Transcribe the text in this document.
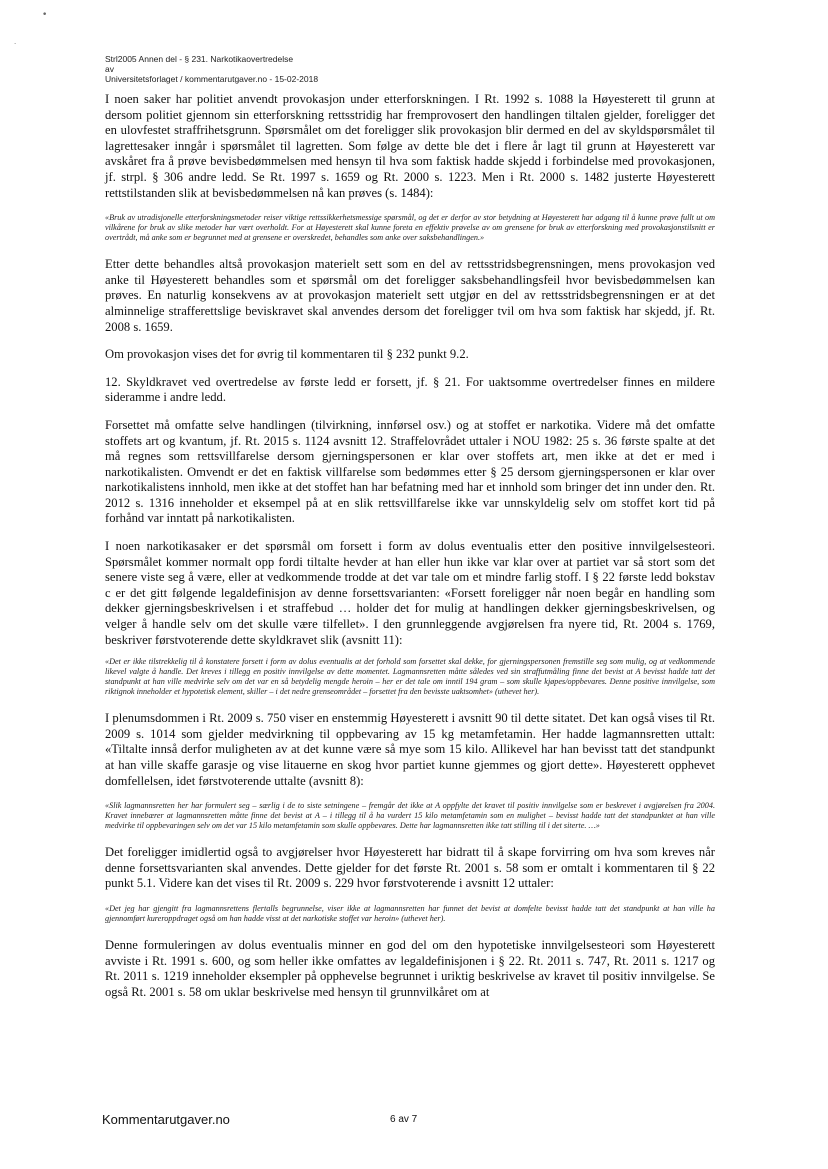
•
·
Strl2005 Annen del - § 231. Narkotikaovertredelse
av
Universitetsforlaget / kommentarutgaver.no - 15-02-2018

I noen saker har politiet anvendt provokasjon under etterforskningen. I Rt. 1992 s. 1088 la Høyesterett til grunn at dersom politiet gjennom sin etterforskning rettsstridig har fremprovosert den handlingen tiltalen gjelder, foreligger det en ulovfestet straffrihetsgrunn. Spørsmålet om det foreligger slik provokasjon blir dermed en del av skyldspørsmålet til lagrettesaker inngår i spørsmålet til lagretten. Som følge av dette ble det i flere år lagt til grunn at Høyesterett var avskåret fra å prøve bevisbedømmelsen med hensyn til hva som faktisk hadde skjedd i forbindelse med provokasjonen, jf. strpl. § 306 andre ledd. Se Rt. 1997 s. 1659 og Rt. 2000 s. 1223. Men i Rt. 2000 s. 1482 justerte Høyesterett rettstilstanden slik at bevisbedømmelsen nå kan prøves (s. 1484):

«Bruk av utradisjonelle etterforskningsmetoder reiser viktige rettssikkerhetsmessige spørsmål, og det er derfor av stor betydning at Høyesterett har adgang til å kunne prøve fullt ut om vilkårene for bruk av slike metoder har vært overholdt. For at Høyesterett skal kunne foreta en effektiv prøvelse av om grensene for bruk av etterforskning med provokasjonstilsnitt er overtrådt, må anke som er begrunnet med at grensene er overskredet, behandles som anke over saksbehandlingen.»

Etter dette behandles altså provokasjon materielt sett som en del av rettsstridsbegrensningen, mens provokasjon ved anke til Høyesterett behandles som et spørsmål om det foreligger saksbehandlingsfeil hvor bevisbedømmelsen kan prøves. En naturlig konsekvens av at provokasjon materielt sett utgjør en del av rettsstridsbegrensningen er at det alminnelige strafferettslige beviskravet skal anvendes dersom det foreligger tvil om hva som faktisk har skjedd, jf. Rt. 2008 s. 1659.

Om provokasjon vises det for øvrig til kommentaren til § 232 punkt 9.2.

12. Skyldkravet ved overtredelse av første ledd er forsett, jf. § 21. For uaktsomme overtredelser finnes en mildere sideramme i andre ledd.

Forsettet må omfatte selve handlingen (tilvirkning, innførsel osv.) og at stoffet er narkotika. Videre må det omfatte stoffets art og kvantum, jf. Rt. 2015 s. 1124 avsnitt 12. Straffelovrådet uttaler i NOU 1982: 25 s. 36 første spalte at det må regnes som rettsvillfarelse dersom gjerningspersonen er klar over stoffets art, men ikke at det er med i narkotikalisten. Omvendt er det en faktisk villfarelse som bedømmes etter § 25 dersom gjerningspersonen er klar over narkotikalistens innhold, men ikke at det stoffet han har befatning med har et innhold som bringer det inn under den. Rt. 2012 s. 1316 inneholder et eksempel på at en slik rettsvillfarelse ikke var unnskyldelig selv om stoffet kort tid på forhånd var inntatt på narkotikalisten.

I noen narkotikasaker er det spørsmål om forsett i form av dolus eventualis etter den positive innvilgelsesteori. Spørsmålet kommer normalt opp fordi tiltalte hevder at han eller hun ikke var klar over at partiet var så stort som det senere viste seg å være, eller at vedkommende trodde at det var tale om et mindre farlig stoff. I § 22 første ledd bokstav c er det gitt følgende legaldefinisjon av denne forsettsvarianten: «Forsett foreligger når noen begår en handling som dekker gjerningsbeskrivelsen i et straffebud … holder det for mulig at handlingen dekker gjerningsbeskrivelsen, og velger å handle selv om det skulle være tilfellet». I den grunnleggende avgjørelsen fra nyere tid, Rt. 2004 s. 1769, beskriver førstvoterende dette skyldkravet slik (avsnitt 11):

«Det er ikke tilstrekkelig til å konstatere forsett i form av dolus eventualis at det forhold som forsettet skal dekke, for gjerningspersonen fremstille seg som mulig, og at vedkommende likevel valgte å handle. Det kreves i tillegg en positiv innvilgelse av dette momentet. Lagmannsretten måtte således ved sin straffutmåling finne det bevist at A bevisst hadde tatt det standpunkt at han ville medvirke selv om det var en så betydelig mengde heroin – her er det tale om inntil 194 gram – som skulle kjøpes/oppbevares. Denne positive innvilgelse, som riktignok inneholder et hypotetisk element, skiller – i det nedre grenseområdet – forsettet fra den bevisste uaktsomhet» (uthevet her).

I plenumsdommen i Rt. 2009 s. 750 viser en enstemmig Høyesterett i avsnitt 90 til dette sitatet. Det kan også vises til Rt. 2009 s. 1014 som gjelder medvirkning til oppbevaring av 15 kg metamfetamin. Her hadde lagmannsretten uttalt: «Tiltalte innså derfor muligheten av at det kunne være så mye som 15 kilo. Allikevel har han bevisst tatt det standpunkt at han ville skaffe garasje og vise litauerne en skog hvor partiet kunne gjemmes og gjort dette». Høyesterett opphevet domfellelsen, idet førstvoterende uttalte (avsnitt 8):

«Slik lagmannsretten her har formulert seg – særlig i de to siste setningene – fremgår det ikke at A oppfylte det kravet til positiv innvilgelse som er beskrevet i avgjørelsen fra 2004. Kravet innebærer at lagmannsretten måtte finne det bevist at A – i tillegg til å ha vurdert 15 kilo metamfetamin som en mulighet – bevisst hadde tatt det standpunktet at han ville medvirke til oppbevaringen selv om det var 15 kilo metamfetamin som skulle oppbevares. Dette har lagmannsretten ikke tatt stilling til i det siterte. …»

Det foreligger imidlertid også to avgjørelser hvor Høyesterett har bidratt til å skape forvirring om hva som kreves når denne forsettsvarianten skal anvendes. Dette gjelder for det første Rt. 2001 s. 58 som er omtalt i kommentaren til § 22 punkt 5.1. Videre kan det vises til Rt. 2009 s. 229 hvor førstvoterende i avsnitt 12 uttaler:

«Det jeg har gjengitt fra lagmannsrettens flertalls begrunnelse, viser ikke at lagmannsretten har funnet det bevist at domfelte bevisst hadde tatt det standpunkt at han ville ha gjennomført kureroppdraget også om han hadde visst at det narkotiske stoffet var heroin» (uthevet her).

Denne formuleringen av dolus eventualis minner en god del om den hypotetiske innvilgelsesteori som Høyesterett avviste i Rt. 1991 s. 600, og som heller ikke omfattes av legaldefinisjonen i § 22. Rt. 2011 s. 747, Rt. 2011 s. 1217 og Rt. 2011 s. 1219 inneholder eksempler på opphevelse begrunnet i uriktig beskrivelse av kravet til positiv innvilgelse. Se også Rt. 2001 s. 58 om uklar beskrivelse med hensyn til grunnvilkåret om at

Kommentarutgaver.no	6 av 7
